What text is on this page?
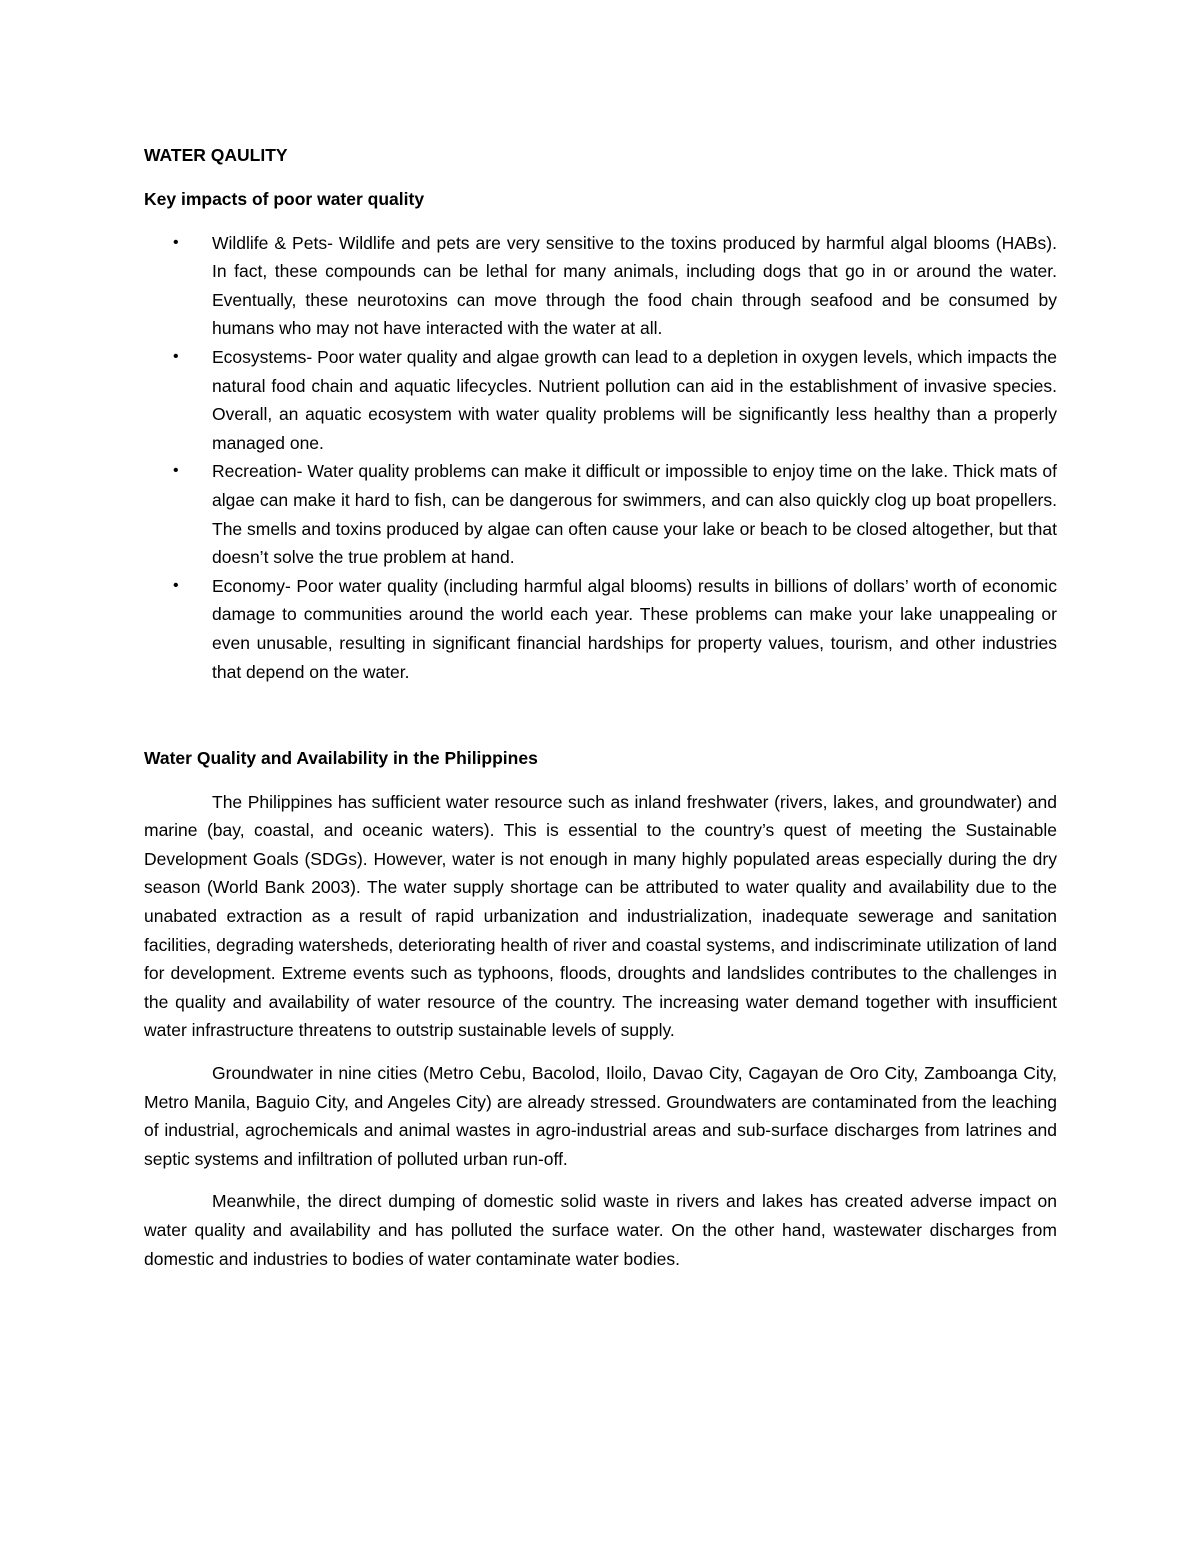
WATER QAULITY
Key impacts of poor water quality
•	Wildlife & Pets- Wildlife and pets are very sensitive to the toxins produced by harmful algal blooms (HABs). In fact, these compounds can be lethal for many animals, including dogs that go in or around the water. Eventually, these neurotoxins can move through the food chain through seafood and be consumed by humans who may not have interacted with the water at all.
•	Ecosystems- Poor water quality and algae growth can lead to a depletion in oxygen levels, which impacts the natural food chain and aquatic lifecycles. Nutrient pollution can aid in the establishment of invasive species. Overall, an aquatic ecosystem with water quality problems will be significantly less healthy than a properly managed one.
•	Recreation- Water quality problems can make it difficult or impossible to enjoy time on the lake. Thick mats of algae can make it hard to fish, can be dangerous for swimmers, and can also quickly clog up boat propellers. The smells and toxins produced by algae can often cause your lake or beach to be closed altogether, but that doesn’t solve the true problem at hand.
•	Economy- Poor water quality (including harmful algal blooms) results in billions of dollars’ worth of economic damage to communities around the world each year. These problems can make your lake unappealing or even unusable, resulting in significant financial hardships for property values, tourism, and other industries that depend on the water.
Water Quality and Availability in the Philippines

The Philippines has sufficient water resource such as inland freshwater (rivers, lakes, and groundwater) and marine (bay, coastal, and oceanic waters). This is essential to the country’s quest of meeting the Sustainable Development Goals (SDGs). However, water is not enough in many highly populated areas especially during the dry season (World Bank 2003). The water supply shortage can be attributed to water quality and availability due to the unabated extraction as a result of rapid urbanization and industrialization, inadequate sewerage and sanitation facilities, degrading watersheds, deteriorating health of river and coastal systems, and indiscriminate utilization of land for development. Extreme events such as typhoons, floods, droughts and landslides contributes to the challenges in the quality and availability of water resource of the country. The increasing water demand together with insufficient water infrastructure threatens to outstrip sustainable levels of supply.

Groundwater in nine cities (Metro Cebu, Bacolod, Iloilo, Davao City, Cagayan de Oro City, Zamboanga City, Metro Manila, Baguio City, and Angeles City) are already stressed. Groundwaters are contaminated from the leaching of industrial, agrochemicals and animal wastes in agro-industrial areas and sub-surface discharges from latrines and septic systems and infiltration of polluted urban run-off.

Meanwhile, the direct dumping of domestic solid waste in rivers and lakes has created adverse impact on water quality and availability and has polluted the surface water. On the other hand, wastewater discharges from domestic and industries to bodies of water contaminate water bodies.
